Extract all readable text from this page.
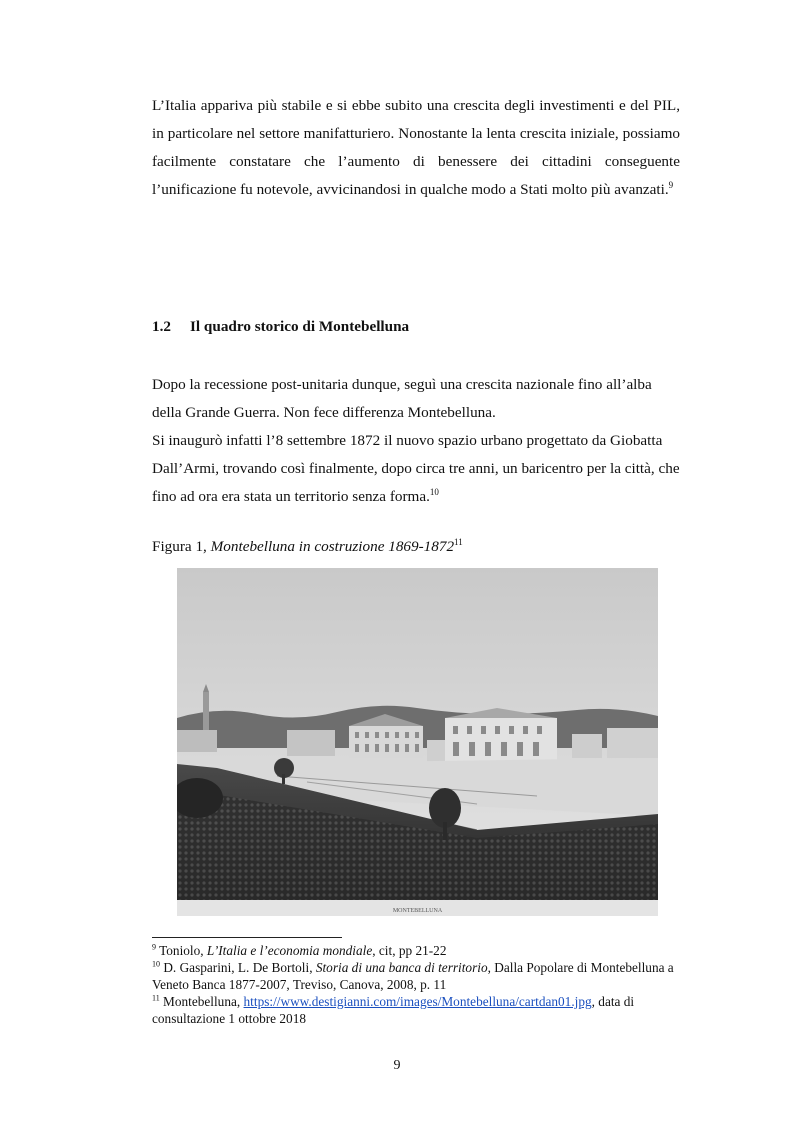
L’Italia appariva più stabile e si ebbe subito una crescita degli investimenti e del PIL, in particolare nel settore manifatturiero. Nonostante la lenta crescita iniziale, possiamo facilmente constatare che l’aumento di benessere dei cittadini conseguente l’unificazione fu notevole, avvicinandosi in qualche modo a Stati molto più avanzati.$^9$

1.2 Il quadro storico di Montebelluna

Dopo la recessione post-unitaria dunque, seguì una crescita nazionale fino all’alba della Grande Guerra. Non fece differenza Montebelluna.
Si inaugurò infatti l’8 settembre 1872 il nuovo spazio urbano progettato da Giobatta Dall’Armi, trovando così finalmente, dopo circa tre anni, un baricentro per la città, che fino ad ora era stata un territorio senza forma.$^{10}$

Figura 1, Montebelluna in costruzione 1869-1872$^{11}$

MONTEBELLUNA

$^9$ Toniolo, L’Italia e l’economia mondiale, cit, pp 21-22

$^{10}$ D. Gasparini, L. De Bortoli, Storia di una banca di territorio, Dalla Popolare di Montebelluna a Veneto Banca 1877-2007, Treviso, Canova, 2008, p. 11

$^{11}$ Montebelluna, https://www.destigianni.com/images/Montebelluna/cartdan01.jpg, data di consultazione 1 ottobre 2018

9
